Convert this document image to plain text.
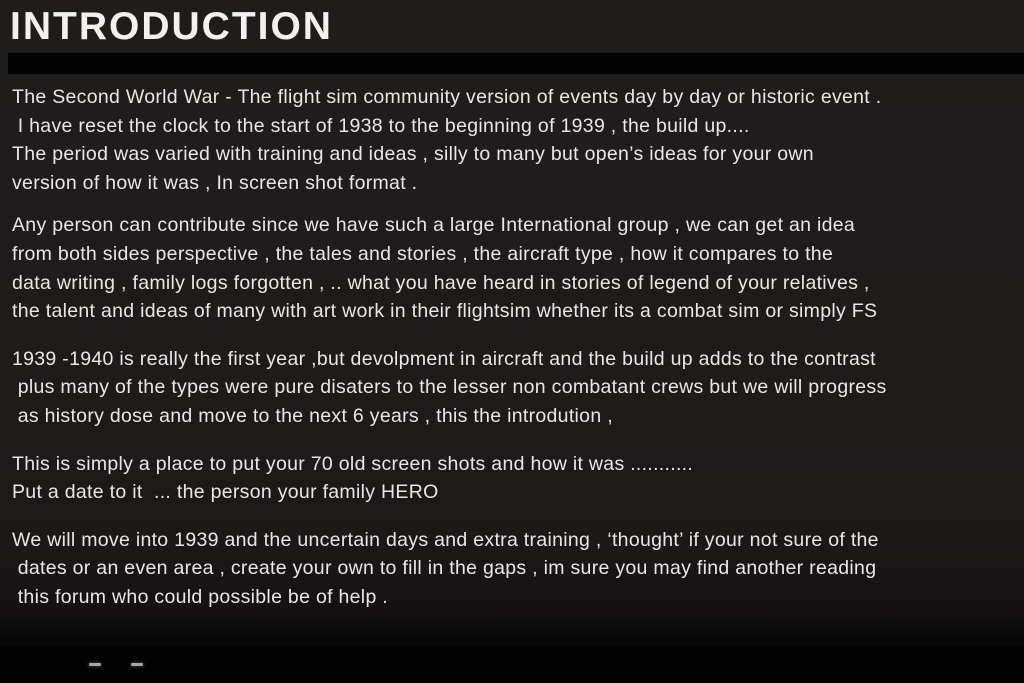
INTRODUCTION
The Second World War - The flight sim community version of events day by day or historic event .
I have reset the clock to the start of 1938 to the beginning of 1939 , the build up....
The period was varied with training and ideas , silly to many but open’s ideas for your own
version of how it was , In screen shot format .
Any person can contribute since we have such a large International group , we can get an idea
from both sides perspective , the tales and stories , the aircraft type , how it compares to the
data writing , family logs forgotten , .. what you have heard in stories of legend of your relatives ,
the talent and ideas of many with art work in their flightsim whether its a combat sim or simply FS
1939 -1940 is really the first year ,but devolpment in aircraft and the build up adds to the contrast
plus many of the types were pure disaters to the lesser non combatant crews but we will progress
as history dose and move to the next 6 years , this the introdution ,
This is simply a place to put your 70 old screen shots and how it was ...........
Put a date to it  ... the person your family HERO
We will move into 1939 and the uncertain days and extra training , ‘thought’ if your not sure of the
dates or an even area , create your own to fill in the gaps , im sure you may find another reading
this forum who could possible be of help .
